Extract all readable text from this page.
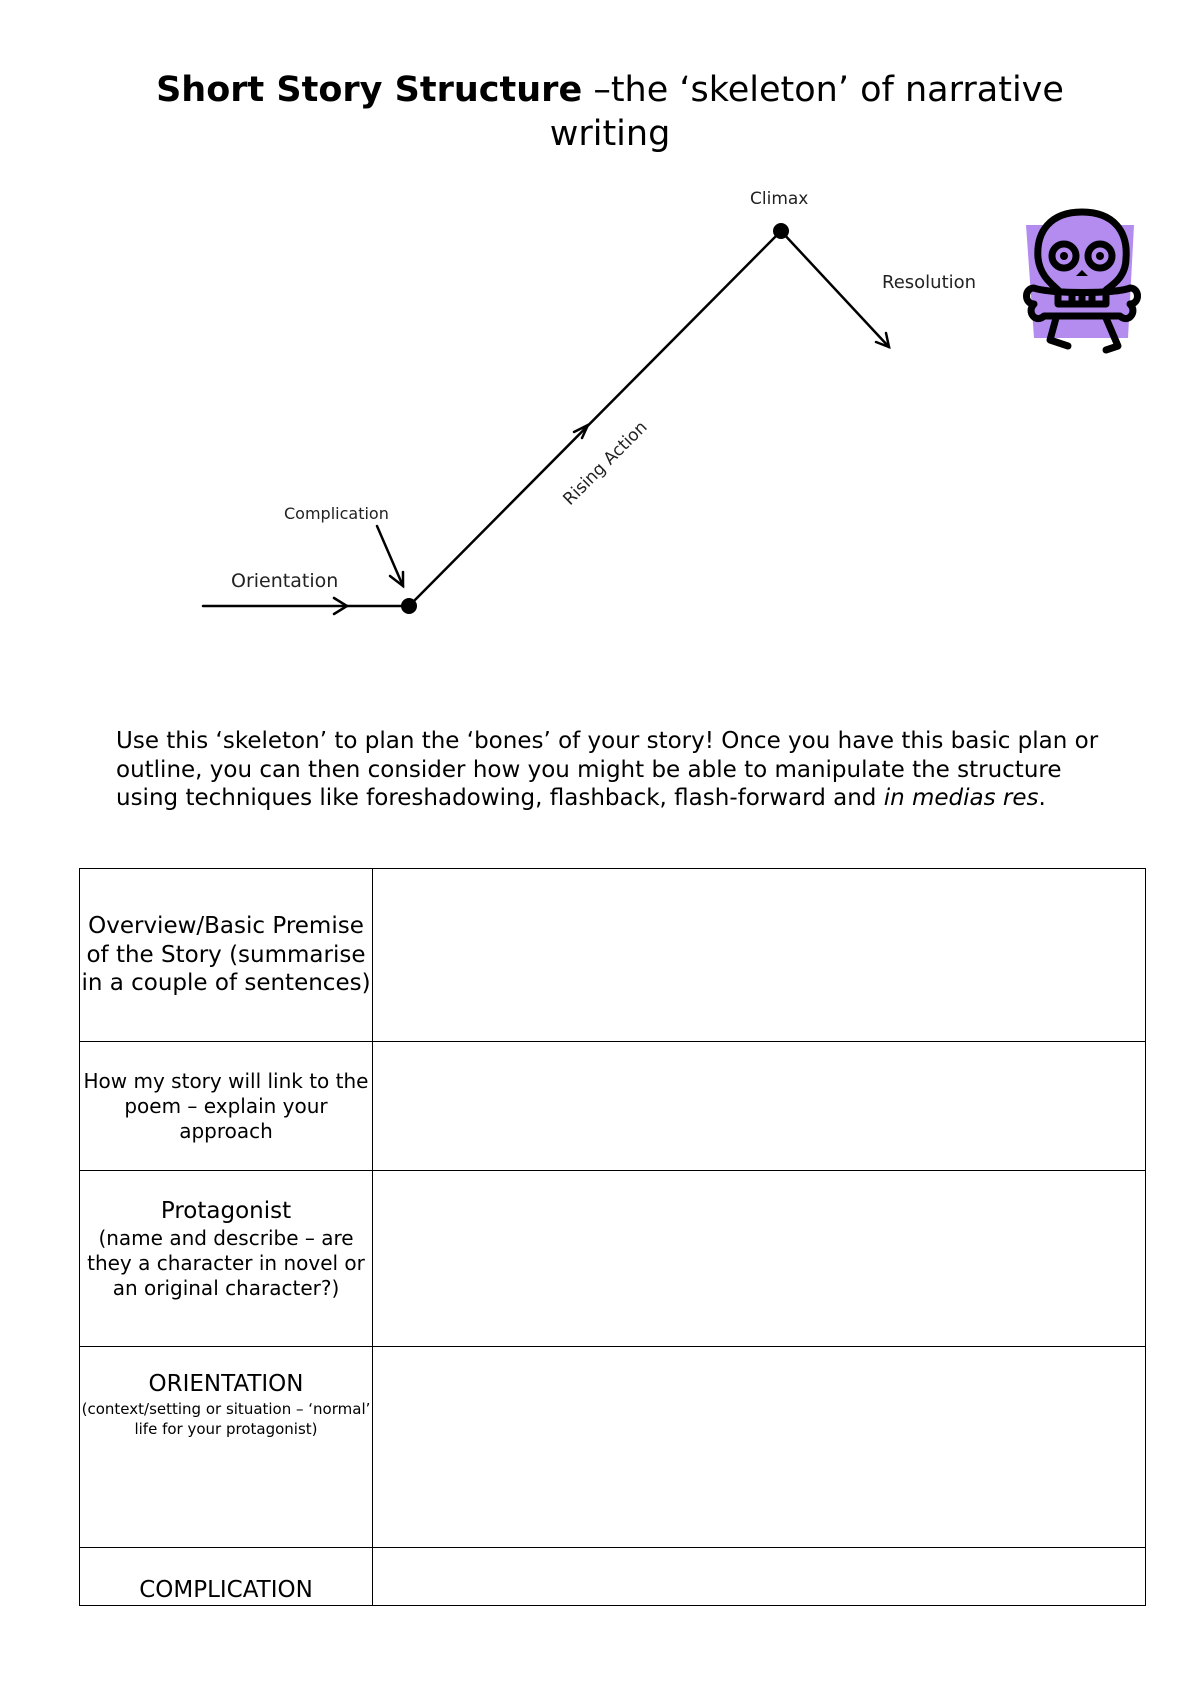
Short Story Structure –the ‘skeleton’ of narrative writing
Orientation
Complication
Rising Action
Climax
Resolution
Use this ‘skeleton’ to plan the ‘bones’ of your story! Once you have this basic plan or outline, you can then consider how you might be able to manipulate the structure using techniques like foreshadowing, flashback, flash-forward and in medias res.
Overview/Basic Premise of the Story (summarise in a couple of sentences)	

How my story will link to the poem – explain your approach	

Protagonist
(name and describe – are they a character in novel or an original character?)	

ORIENTATION
(context/setting or situation – ‘normal’ life for your protagonist)	

COMPLICATION	
